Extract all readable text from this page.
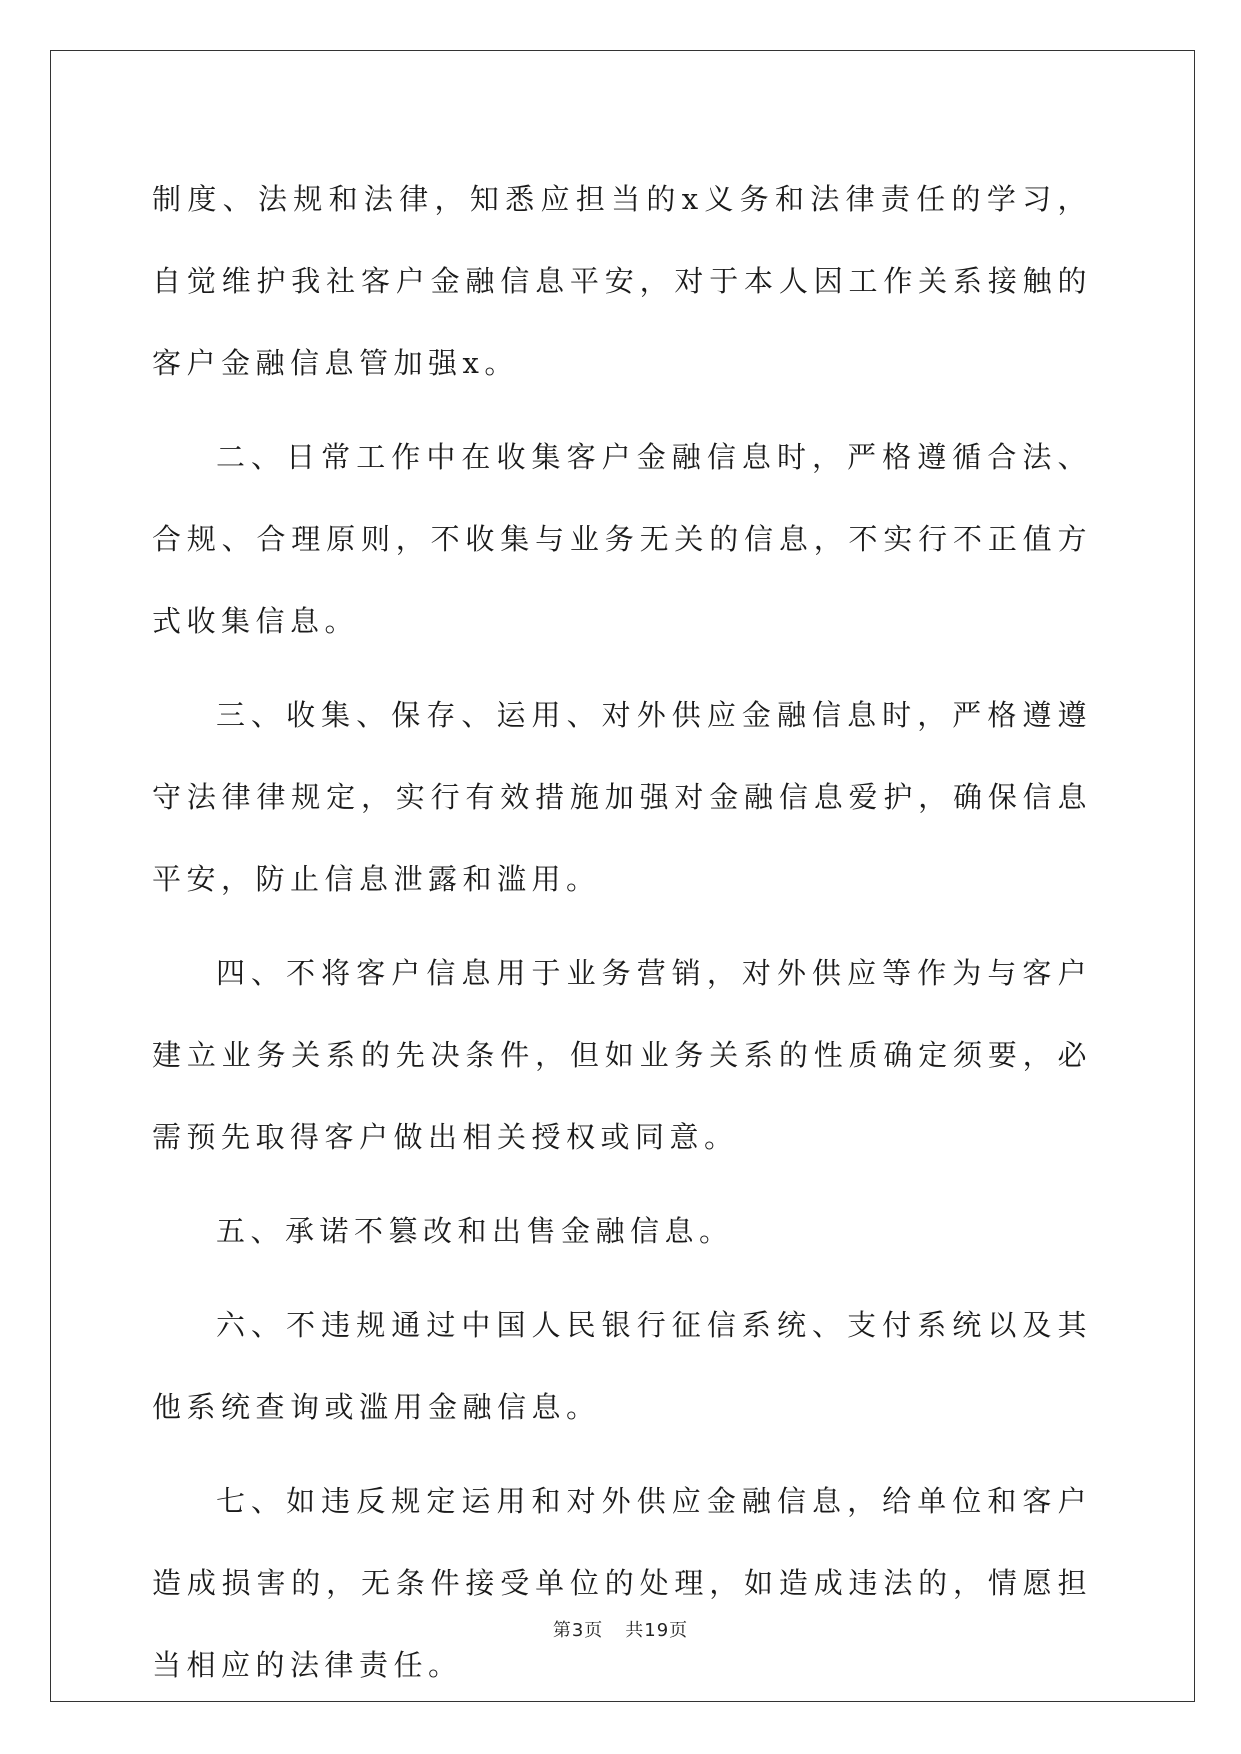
制度、法规和法律，知悉应担当的x义务和法律责任的学习，自觉维护我社客户金融信息平安，对于本人因工作关系接触的客户金融信息管加强x。

二、日常工作中在收集客户金融信息时，严格遵循合法、合规、合理原则，不收集与业务无关的信息，不实行不正值方式收集信息。

三、收集、保存、运用、对外供应金融信息时，严格遵遵守法律律规定，实行有效措施加强对金融信息爱护，确保信息平安，防止信息泄露和滥用。

四、不将客户信息用于业务营销，对外供应等作为与客户建立业务关系的先决条件，但如业务关系的性质确定须要，必需预先取得客户做出相关授权或同意。

五、承诺不篡改和出售金融信息。

六、不违规通过中国人民银行征信系统、支付系统以及其他系统查询或滥用金融信息。

七、如违反规定运用和对外供应金融信息，给单位和客户造成损害的，无条件接受单位的处理，如造成违法的，情愿担当相应的法律责任。

第3页 共19页
